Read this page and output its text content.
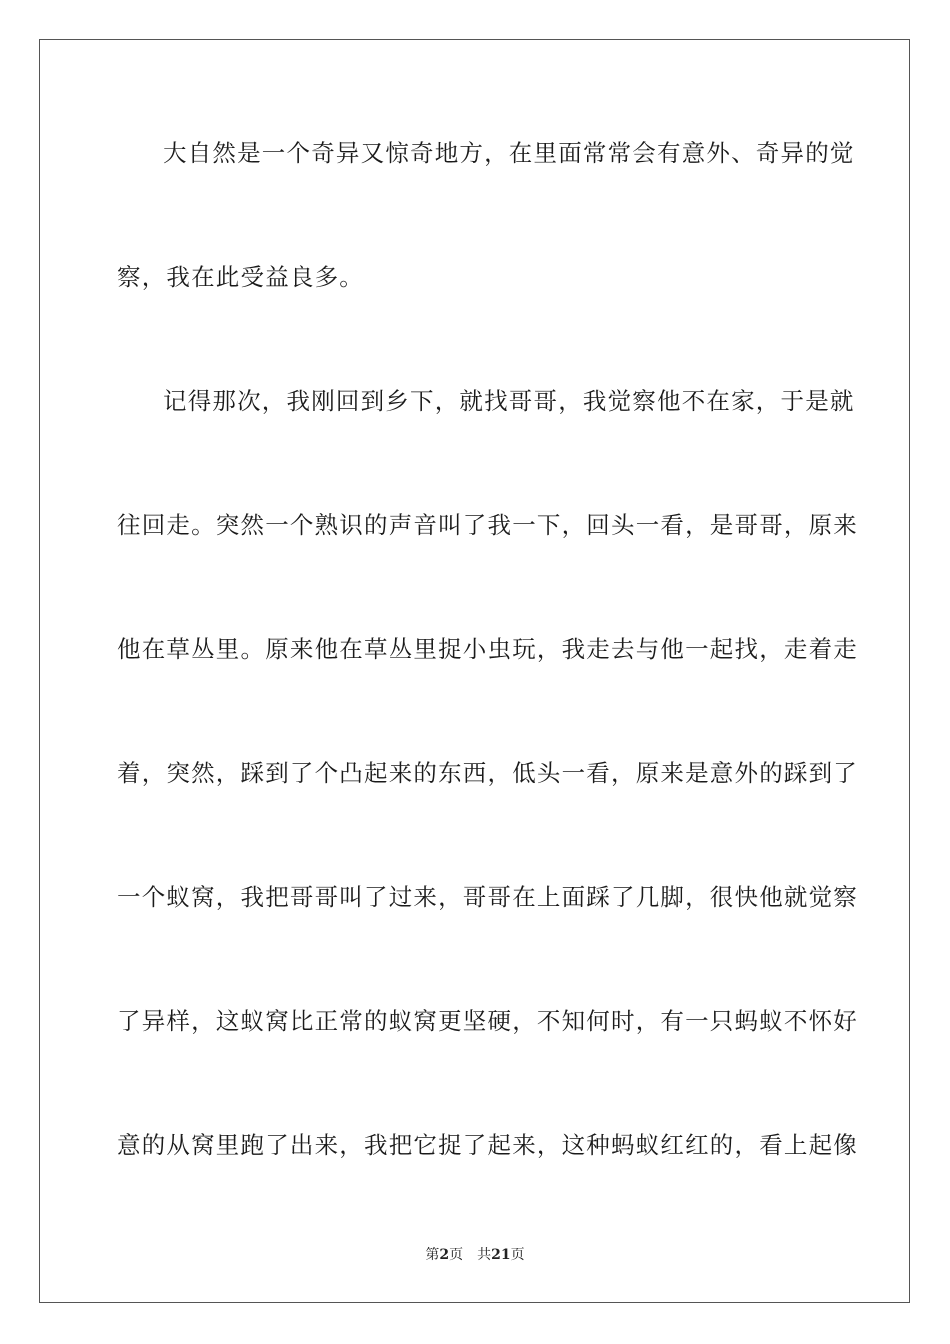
大自然是一个奇异又惊奇地方，在里面常常会有意外、奇异的觉
察，我在此受益良多。
记得那次，我刚回到乡下，就找哥哥，我觉察他不在家，于是就
往回走。突然一个熟识的声音叫了我一下，回头一看，是哥哥，原来
他在草丛里。原来他在草丛里捉小虫玩，我走去与他一起找，走着走
着，突然，踩到了个凸起来的东西，低头一看，原来是意外的踩到了
一个蚁窝，我把哥哥叫了过来，哥哥在上面踩了几脚，很快他就觉察
了异样，这蚁窝比正常的蚁窝更坚硬，不知何时，有一只蚂蚁不怀好
意的从窝里跑了出来，我把它捉了起来，这种蚂蚁红红的，看上起像
第2页 共21页
